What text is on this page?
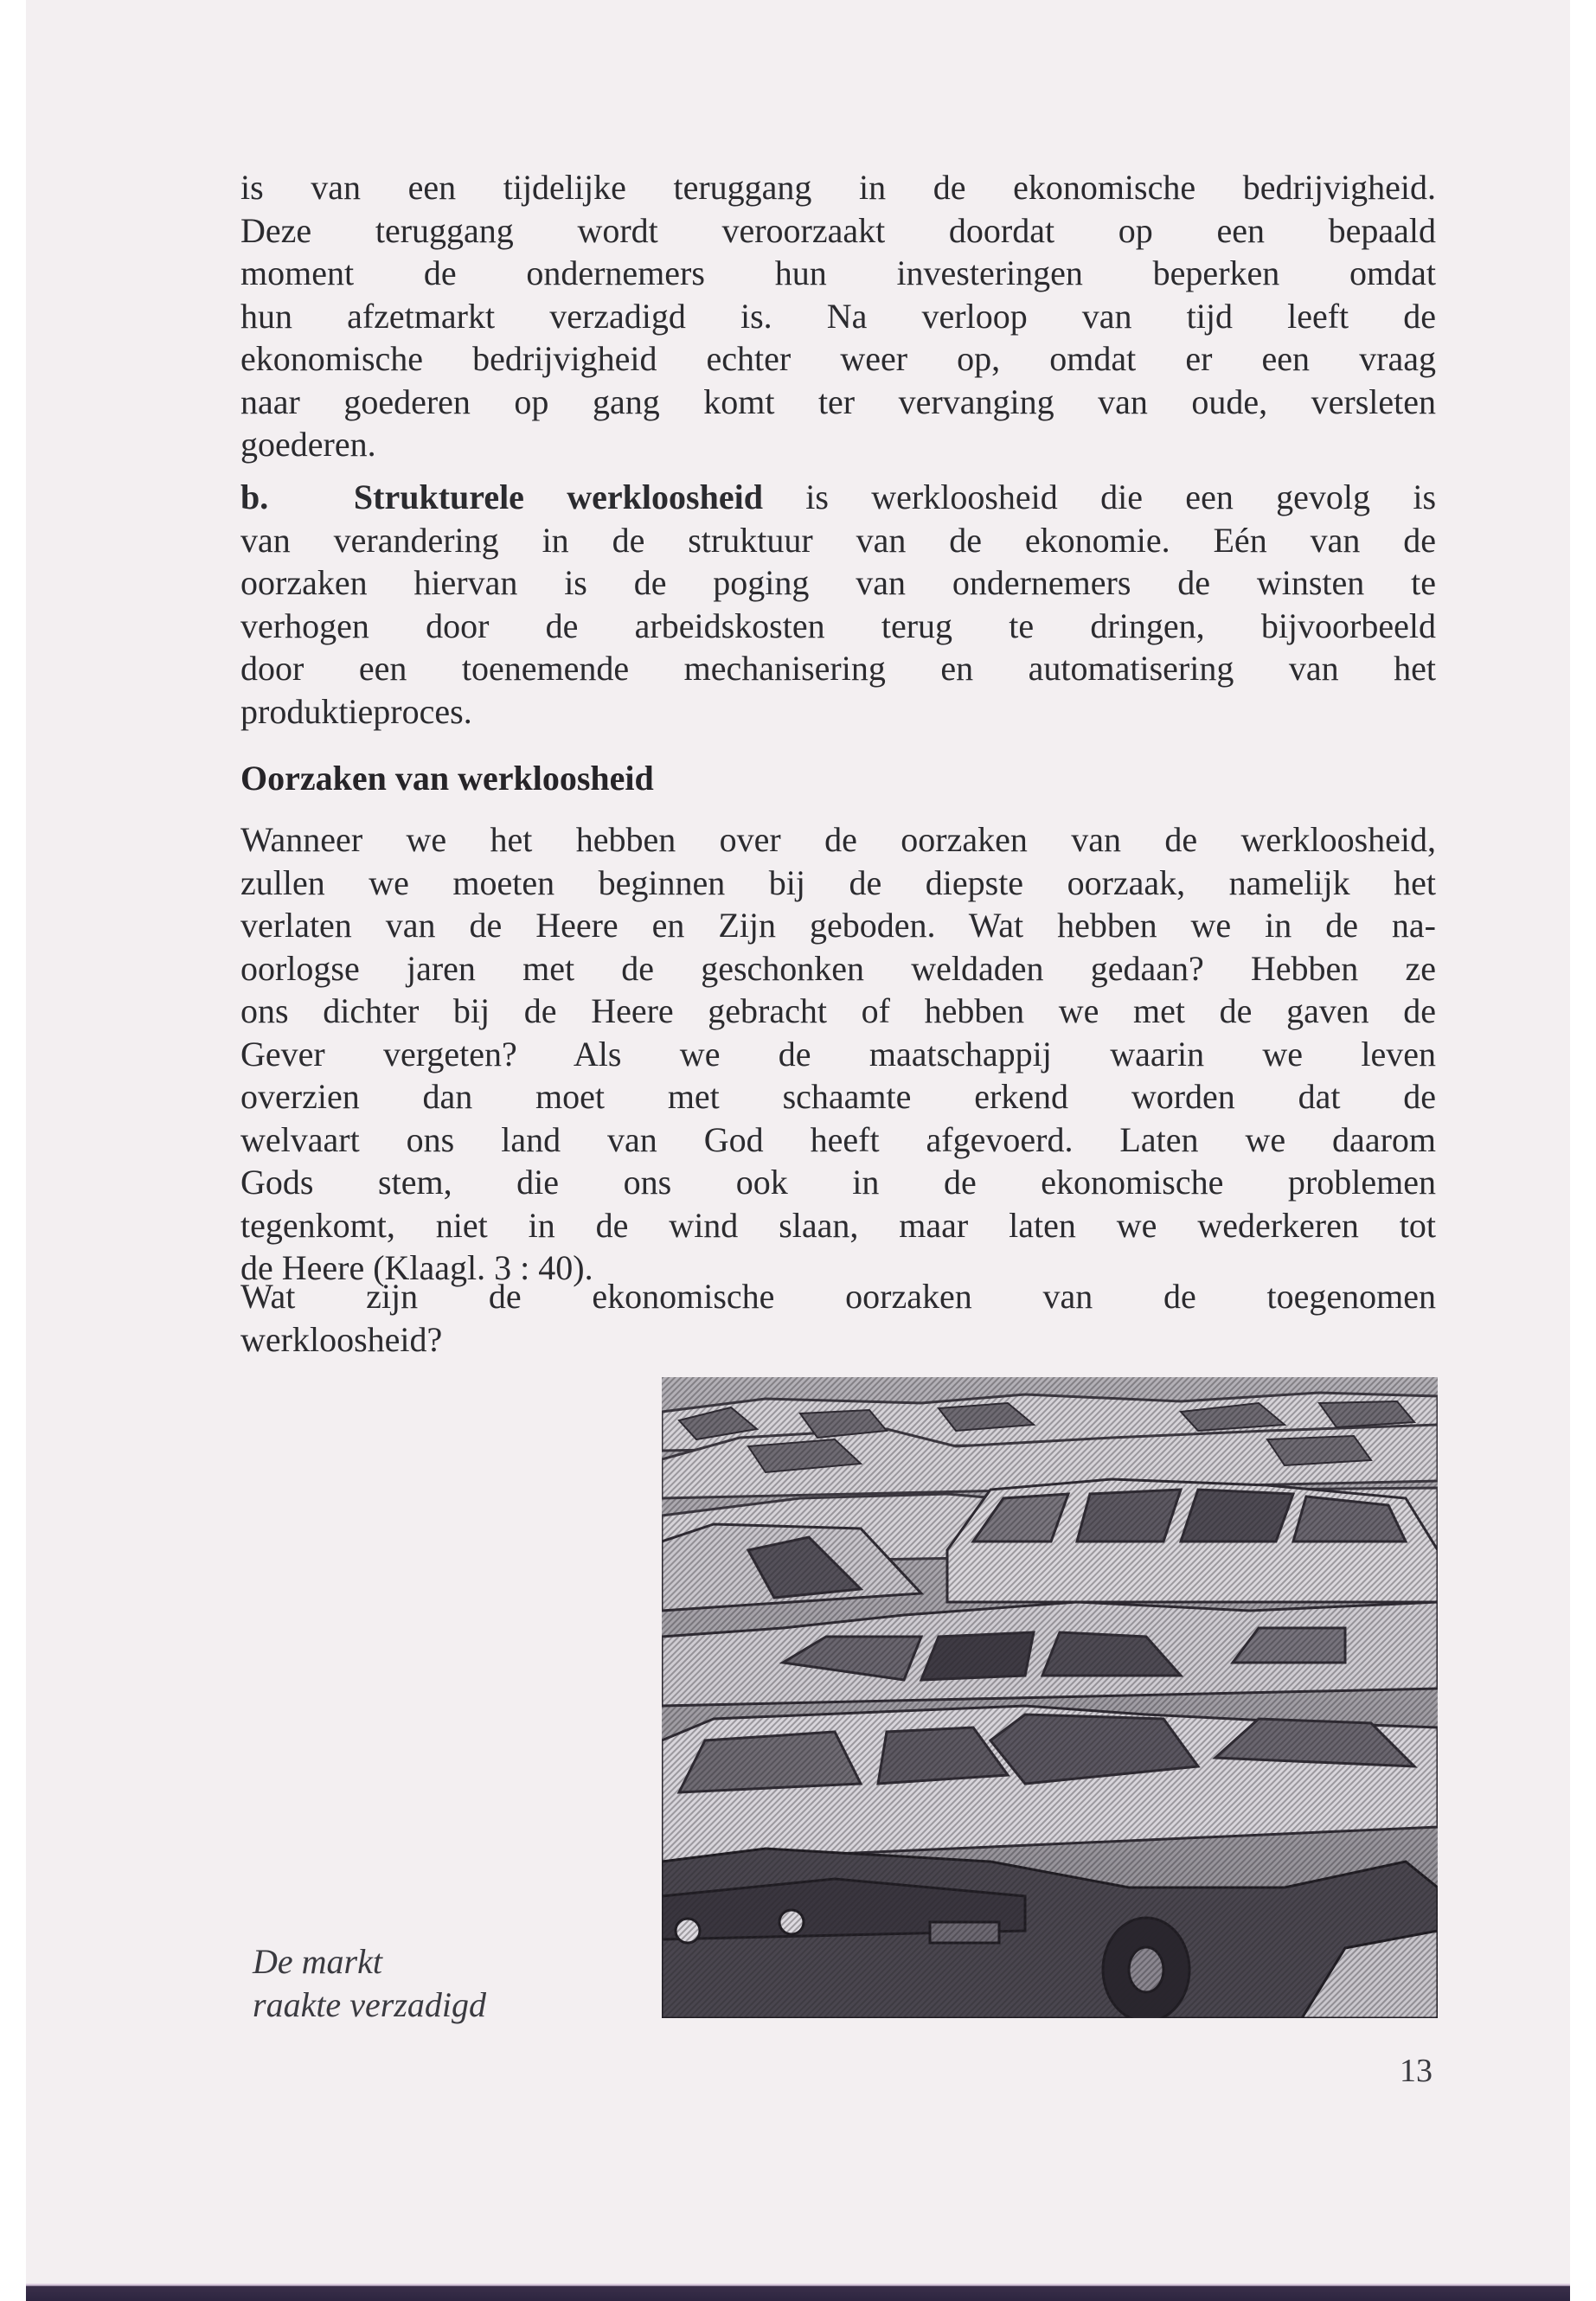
is van een tijdelijke teruggang in de ekonomische bedrijvigheid.
Deze teruggang wordt veroorzaakt doordat op een bepaald
moment de ondernemers hun investeringen beperken omdat
hun afzetmarkt verzadigd is. Na verloop van tijd leeft de
ekonomische bedrijvigheid echter weer op, omdat er een vraag
naar goederen op gang komt ter vervanging van oude, versleten
goederen.
b. Strukturele werkloosheid is werkloosheid die een gevolg is
van verandering in de struktuur van de ekonomie. Eén van de
oorzaken hiervan is de poging van ondernemers de winsten te
verhogen door de arbeidskosten terug te dringen, bijvoorbeeld
door een toenemende mechanisering en automatisering van het
produktieproces.
Oorzaken van werkloosheid
Wanneer we het hebben over de oorzaken van de werkloosheid,
zullen we moeten beginnen bij de diepste oorzaak, namelijk het
verlaten van de Heere en Zijn geboden. Wat hebben we in de na-
oorlogse jaren met de geschonken weldaden gedaan? Hebben ze
ons dichter bij de Heere gebracht of hebben we met de gaven de
Gever vergeten? Als we de maatschappij waarin we leven
overzien dan moet met schaamte erkend worden dat de
welvaart ons land van God heeft afgevoerd. Laten we daarom
Gods stem, die ons ook in de ekonomische problemen
tegenkomt, niet in de wind slaan, maar laten we wederkeren tot
de Heere (Klaagl. 3 : 40).
Wat zijn de ekonomische oorzaken van de toegenomen
werkloosheid?
De markt
raakte verzadigd
13
